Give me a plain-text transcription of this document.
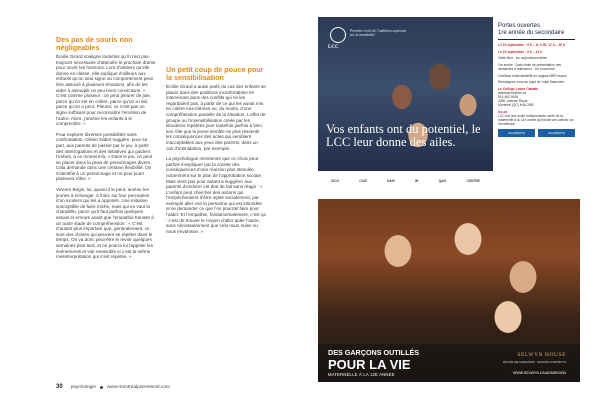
Des pas de souris non négligeables

Émilie Girard souligne toutefois qu’il n’est pas toujours nécessaire d’attendre le prochain drame pour ouvrir les horizons. Lors d’ateliers qu’elle donne en classe, elle explique d’ailleurs aux enfants qu’un seul signe ou comportement peut être associé à plusieurs émotions, afin de les aider à assouplir un peu leurs convictions. « C’est comme plusieur : on peut pleurer de joie, parce qu’on est en colère, parce qu’on a mal, parce qu’on a peur. Pleurer, ce n’est pas un signe suffisant pour reconnaître l’émotion de l’autre. Alors, j’amène les enfants à le comprendre. »

Pour explorer diverses possibilités sans confrontation, Olivier Didier suggère, pour sa part, aux parents de passer par le jeu, à partir des interrogations et des initiatives qui guident l’enfant, à ce moment-là. « Dans le jeu, on peut se placer dans la peau de personnages divers. Cela demande donc une certaine flexibilité. On s’identifie à un personnage et on peut jouer plusieurs rôles. »

Vincent Bégin, lui, quand il le peut, amène les jeunes à échanger, à froid, sur leur perception d’un incident qui les a opposés. Une initiative susceptible de faire miche, mais qui en vaut la chandelle, parce qu’il faut parfois quelques essais et erreurs avant que l’empathie transite à un autre stade de compréhension : « C’est d’autant plus important que, généralement, ce sont des choses qui peuvent se répéter dans le temps. On va donc peut-être le revoir quelques semaines plus tard, et on pourra lui rappeler les événements et voir ensemble si c’est la même mésinterprétation qui s’est répétée. »

Un petit coup de pouce pour la sensibilisation

Émilie Girard a aussi parlé du cas des enfants se placer dans des positions inconfortables en intervenant dans des conflits qui ne les regardaient pas, à partir de ce qui les aurait mis en colère eux-mêmes ou, du moins, d’une compréhension partielle de la situation. L’effet de groupe ou l’insensibilisation créée par les situations répétées joue toutefois parfois à bien son rôle que le jeune semble ne plus ressentir les conséquences des actes qui semblent inacceptables aux yeux des parents, dans un cas d’intimidation, par exemple.

La psychologue mentionne que ce choix peut parfois s’expliquer par la crainte des conséquences d’une réaction plus stimulée, notamment sur le plan de l’approbation sociale. Mais vient pas pour autant à suggérer aux parents d’endurer cet état de fait sans réagir : « L’enfant peut chercher des actions qui l’empêcheraient d’être rejeté socialement, par exemple aller voir la personne qui est intimidée et se demander ce que l’on pourrait faire pour l’aider. Et l’empathie, fondamentalement, c’est ça : c’est de trouver le moyen d’aller aider l’autre, sans nécessairement que cela nous nuise ou nous envahisse. »

LCC
Première école de l’ambition aspirante sur la mondialité
Vos enfants ont du potentiel, le LCC leur donne des ailes.
ISCO	CAIS	NAIS	IB	QAIS	CENTRE
Portes ouvertes
1re année du secondaire
Le 21 septembre : 9 h – 11 h 30, 17 h – 20 h
Le 22 septembre : 9 h – 14 h
Visite libre : lcc.ca/portesouvertes
1re année : Date limite de présentation des demandes d’admission : 1er novembre
Certificat d’admissibilité en anglais MÉR requis
Renseignez-vous au sujet de l’aide financière
Le Collège Lower Canada
admissions@lcc.ca
514 482 9916
4090, avenue Royal
Montréal (QC) H4A 2M5
lcc.ca
LCC est une école indépendante mixte de la maternelle à la 12e année qui fonde ses valeurs sur l’excellence
ACCRÉDITÉ	ACCRÉDITÉ
DES GARÇONS OUTILLÉS
POUR LA VIE
MATERNELLE À LA 12E ANNÉE
SELWYN HOUSE
ÉCOLE DE GARÇONS · SCHOOL FOR BOYS
WWW.SELWYN.CA/ADMISSION
30 psychologie www.montrealparentsmtl.com
